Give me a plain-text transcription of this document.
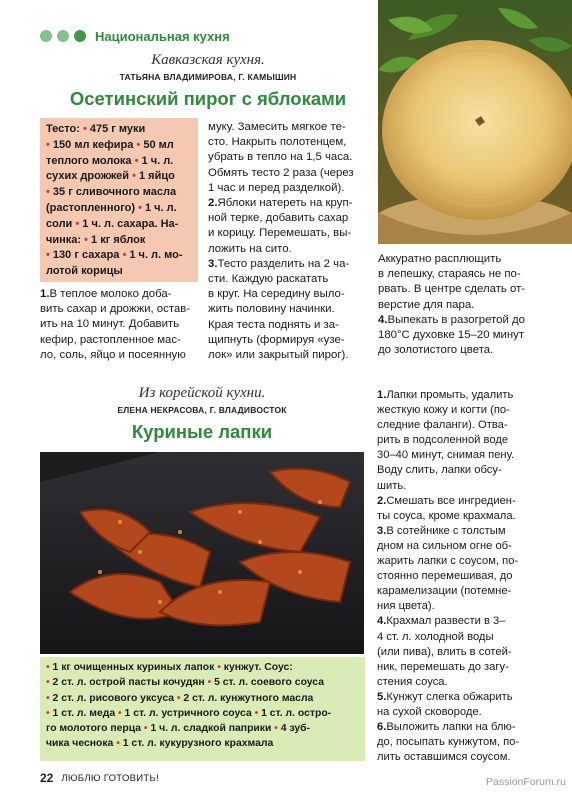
Национальная кухня
Кавказская кухня.
ТАТЬЯНА ВЛАДИМИРОВА, Г. КАМЫШИН
Осетинский пирог с яблоками
Тесто: • 475 г муки
• 150 мл кефира • 50 мл
теплого молока • 1 ч. л.
сухих дрожжей • 1 яйцо
• 35 г сливочного масла
(растопленного) • 1 ч. л.
соли • 1 ч. л. сахара. На-
чинка: • 1 кг яблок
• 130 г сахара • 1 ч. л. мо-
лотой корицы

1.В теплое молоко доба-

вить сахар и дрожжи, остав-

ить на 10 минут. Добавить

кефир, растопленное мас-

ло, соль, яйцо и посеянную

муку. Замесить мягкое те-

сто. Накрыть полотенцем,

убрать в тепло на 1,5 часа.

Обмять тесто 2 раза (через

1 час и перед разделкой).

2.Яблоки натереть на круп-

ной терке, добавить сахар

и корицу. Перемешать, вы-

ложить на сито.

3.Тесто разделить на 2 ча-

сти. Каждую раскатать

в круг. На середину выло-

жить половину начинки.

Края теста поднять и за-

щипнуть (формируя «узе-

лок» или закрытый пирог).

Аккуратно расплющить

в лепешку, стараясь не по-

рвать. В центре сделать от-

верстие для пара.

4.Выпекать в разогретой до

180°С духовке 15–20 минут

до золотистого цвета.

Из корейской кухни.
ЕЛЕНА НЕКРАСОВА, Г. ВЛАДИВОСТОК
Куриные лапки
• 1 кг очищенных куриных лапок • кунжут. Соус:
• 2 ст. л. острой пасты кочудян • 5 ст. л. соевого соуса
• 2 ст. л. рисового уксуса • 2 ст. л. кунжутного масла
• 1 ст. л. меда • 1 ст. л. устричного соуса • 1 ст. л. остро-
го молотого перца • 1 ч. л. сладкой паприки • 4 зуб-
чика чеснока • 1 ст. л. кукурузного крахмала

1.Лапки промыть, удалить

жесткую кожу и когти (по-

следние фаланги). Отва-

рить в подсоленной воде

30–40 минут, снимая пену.

Воду слить, лапки обсу-

шить.

2.Смешать все ингредиен-

ты соуса, кроме крахмала.

3.В сотейнике с толстым

дном на сильном огне об-

жарить лапки с соусом, по-

стоянно перемешивая, до

карамелизации (потемне-

ния цвета).

4.Крахмал развести в 3–

4 ст. л. холодной воды

(или пива), влить в сотей-

ник, перемешать до загу-

стения соуса.

5.Кунжут слегка обжарить

на сухой сковороде.

6.Выложить лапки на блю-

до, посыпать кунжутом, по-

лить оставшимся соусом.

22 ЛЮБЛЮ ГОТОВИТЬ!	PassionForum.ru
